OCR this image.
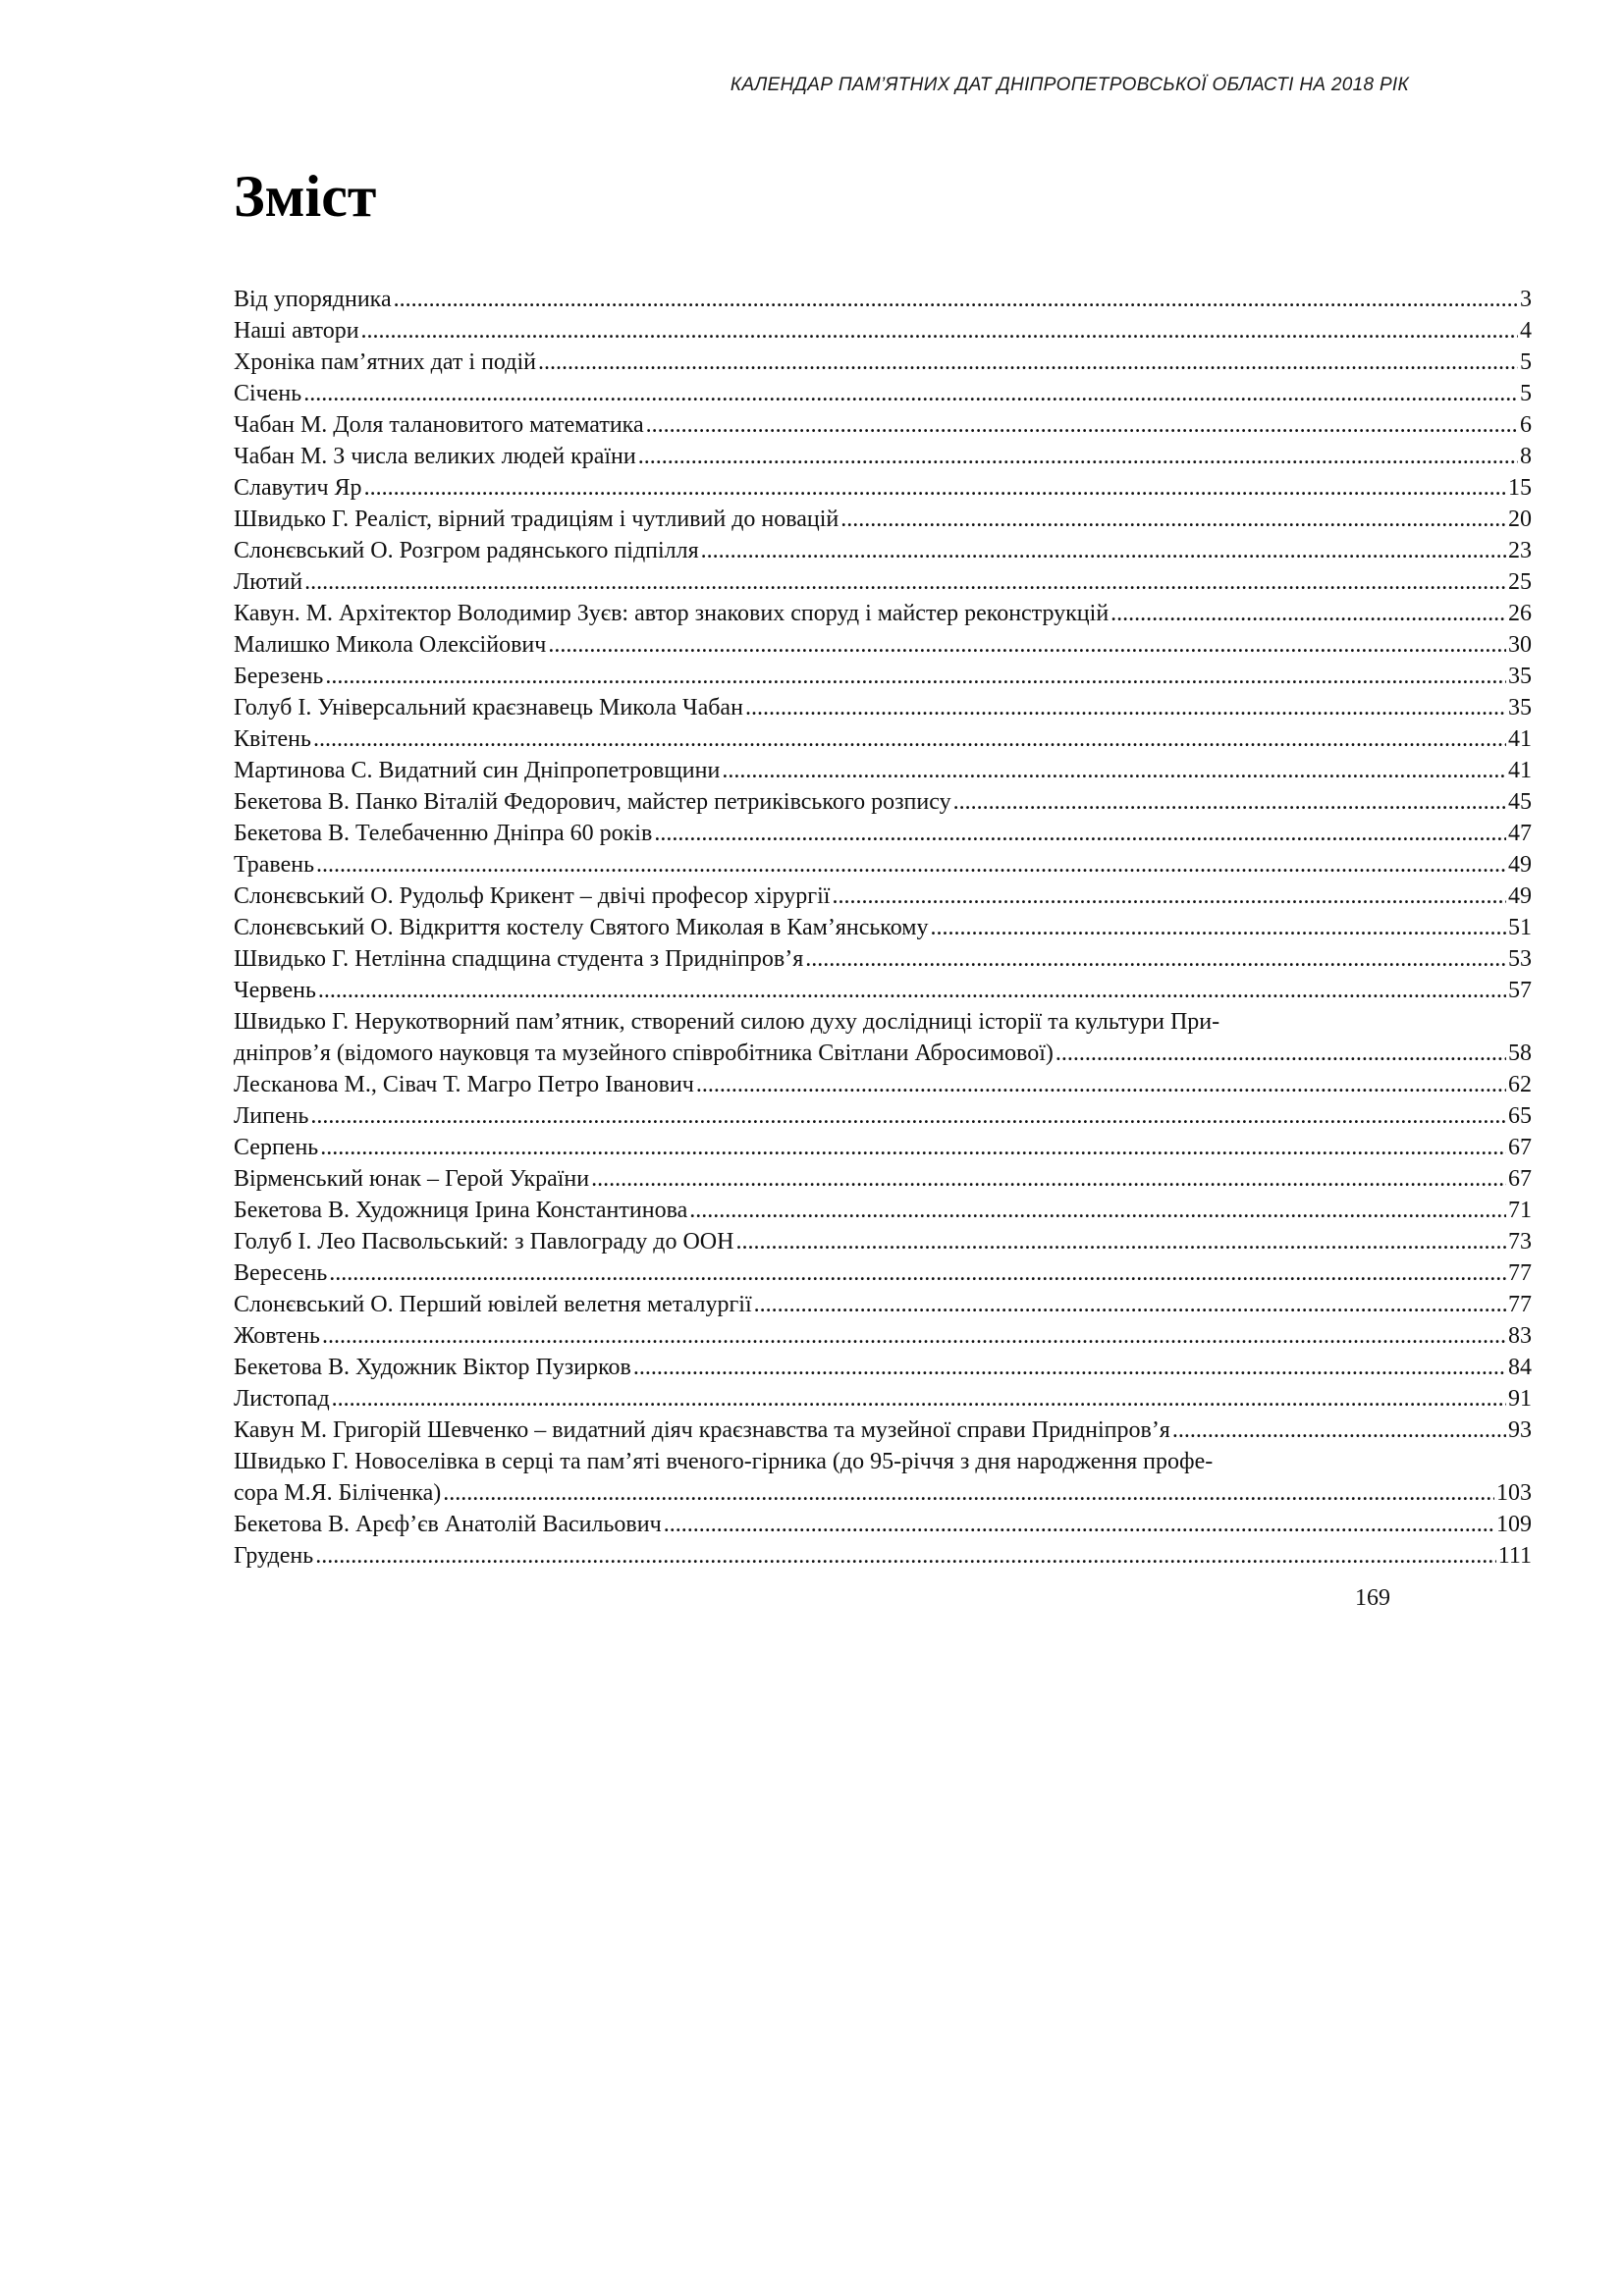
КАЛЕНДАР ПАМ’ЯТНИХ ДАТ ДНІПРОПЕТРОВСЬКОЇ ОБЛАСТІ НА 2018 РІК
Зміст
Від упорядника .....	3
Наші автори .....	4
Хроніка пам’ятних дат і подій .....	5
Січень .....	5
Чабан М. Доля талановитого математика .....	6
Чабан М. З числа великих людей країни .....	8
Славутич Яр .....	15
Швидько Г. Реаліст, вірний традиціям і чутливий до новацій .....	20
Слонєвський О. Розгром радянського підпілля .....	23
Лютий .....	25
Кавун. М. Архітектор Володимир Зуєв: автор знакових споруд і майстер реконструкцій .....	26
Малишко Микола Олексійович .....	30
Березень .....	35
Голуб І. Універсальний краєзнавець Микола Чабан .....	35
Квітень .....	41
Мартинова С. Видатний син Дніпропетровщини .....	41
Бекетова В. Панко Віталій Федорович, майстер петриківського розпису .....	45
Бекетова В. Телебаченню Дніпра 60 років .....	47
Травень .....	49
Слонєвський О. Рудольф Крикент – двічі професор хірургії .....	49
Слонєвський О. Відкриття костелу Святого Миколая в Кам’янському .....	51
Швидько Г. Нетлінна спадщина студента з Придніпров’я .....	53
Червень .....	57
Швидько Г. Нерукотворний пам’ятник, створений силою духу дослідниці історії та культури При-
дніпров’я (відомого науковця та музейного співробітника Світлани Абросимової) .....	58
Лесканова М., Сівач Т. Магро Петро Іванович .....	62
Липень .....	65
Серпень .....	67
Вірменський юнак – Герой України .....	67
Бекетова В. Художниця Ірина Константинова .....	71
Голуб І. Лео Пасвольський: з Павлограду до ООН .....	73
Вересень .....	77
Слонєвський О. Перший ювілей велетня металургії .....	77
Жовтень .....	83
Бекетова В. Художник Віктор Пузирков .....	84
Листопад .....	91
Кавун М. Григорій Шевченко – видатний діяч краєзнавства та музейної справи Придніпров’я .....	93
Швидько Г. Новоселівка в серці та пам’яті вченого-гірника (до 95-річчя з дня народження профе-
сора М.Я. Біліченка) .....	103
Бекетова В. Арєф’єв Анатолій Васильович .....	109
Грудень .....	111
169
